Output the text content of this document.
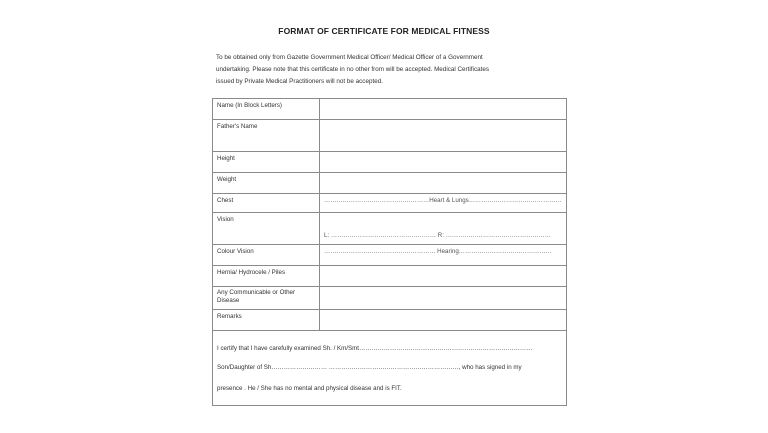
FORMAT OF CERTIFICATE FOR MEDICAL FITNESS
To be obtained only from Gazette Government Medical Officer/ Medical Officer of a Government
undertaking. Please note that this certificate in no other from will be accepted. Medical Certificates
issued by Private Medical Practitioners will not be accepted.
Name (In Block Letters)	

Father's Name	

Height	

Weight	

Chest	……………………………………………Heart & Lungs………………………………………

Vision	L: …………………………………………… R: ……………………………………………

Colour Vision	……………………………………………… Hearing………………………………………

Hernia/ Hydrocele / Piles	

Any Communicable or Other Disease	

Remarks	

I certify that I have carefully examined Sh. / Km/Smt…………………………………………………………………………
Son/Daughter of Sh……………………… ………………………………………………………, who has signed in my
presence . He / She has no mental and physical disease and is FIT.	
